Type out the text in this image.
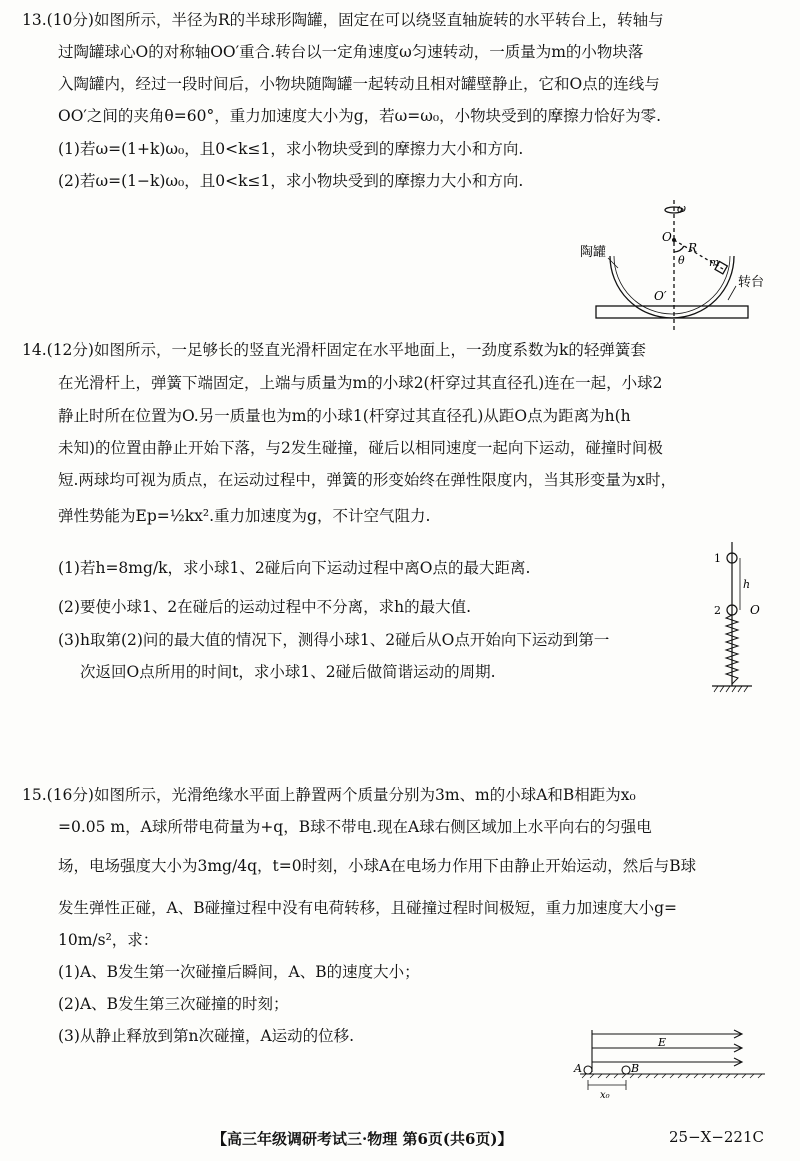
13.(10分)如图所示，半径为R的半球形陶罐，固定在可以绕竖直轴旋转的水平转台上，转轴与
过陶罐球心O的对称轴OO′重合.转台以一定角速度ω匀速转动，一质量为m的小物块落
入陶罐内，经过一段时间后，小物块随陶罐一起转动且相对罐壁静止，它和O点的连线与
OO′之间的夹角θ=60°，重力加速度大小为g，若ω=ω₀，小物块受到的摩擦力恰好为零.
(1)若ω=(1+k)ω₀，且0<k≤1，求小物块受到的摩擦力大小和方向.
(2)若ω=(1−k)ω₀，且0<k≤1，求小物块受到的摩擦力大小和方向.
ω
O
R
θ m
O′
陶罐
转台
14.(12分)如图所示，一足够长的竖直光滑杆固定在水平地面上，一劲度系数为k的轻弹簧套
在光滑杆上，弹簧下端固定，上端与质量为m的小球2(杆穿过其直径孔)连在一起，小球2
静止时所在位置为O.另一质量也为m的小球1(杆穿过其直径孔)从距O点为距离为h(h
未知)的位置由静止开始下落，与2发生碰撞，碰后以相同速度一起向下运动，碰撞时间极
短.两球均可视为质点，在运动过程中，弹簧的形变始终在弹性限度内，当其形变量为x时，
弹性势能为Ep=½kx².重力加速度为g，不计空气阻力.
(1)若h=8mg/k，求小球1、2碰后向下运动过程中离O点的最大距离.
(2)要使小球1、2在碰后的运动过程中不分离，求h的最大值.
(3)h取第(2)问的最大值的情况下，测得小球1、2碰后从O点开始向下运动到第一
次返回O点所用的时间t，求小球1、2碰后做简谐运动的周期.
1
2
h
O
15.(16分)如图所示，光滑绝缘水平面上静置两个质量分别为3m、m的小球A和B相距为x₀
=0.05 m，A球所带电荷量为+q，B球不带电.现在A球右侧区域加上水平向右的匀强电
场，电场强度大小为3mg/4q，t=0时刻，小球A在电场力作用下由静止开始运动，然后与B球
发生弹性正碰，A、B碰撞过程中没有电荷转移，且碰撞过程时间极短，重力加速度大小g=
10m/s²，求：
(1)A、B发生第一次碰撞后瞬间，A、B的速度大小；
(2)A、B发生第三次碰撞的时刻；
(3)从静止释放到第n次碰撞，A运动的位移.	E
A	B
x₀
【高三年级调研考试三·物理 第6页(共6页)】	25−X−221C
